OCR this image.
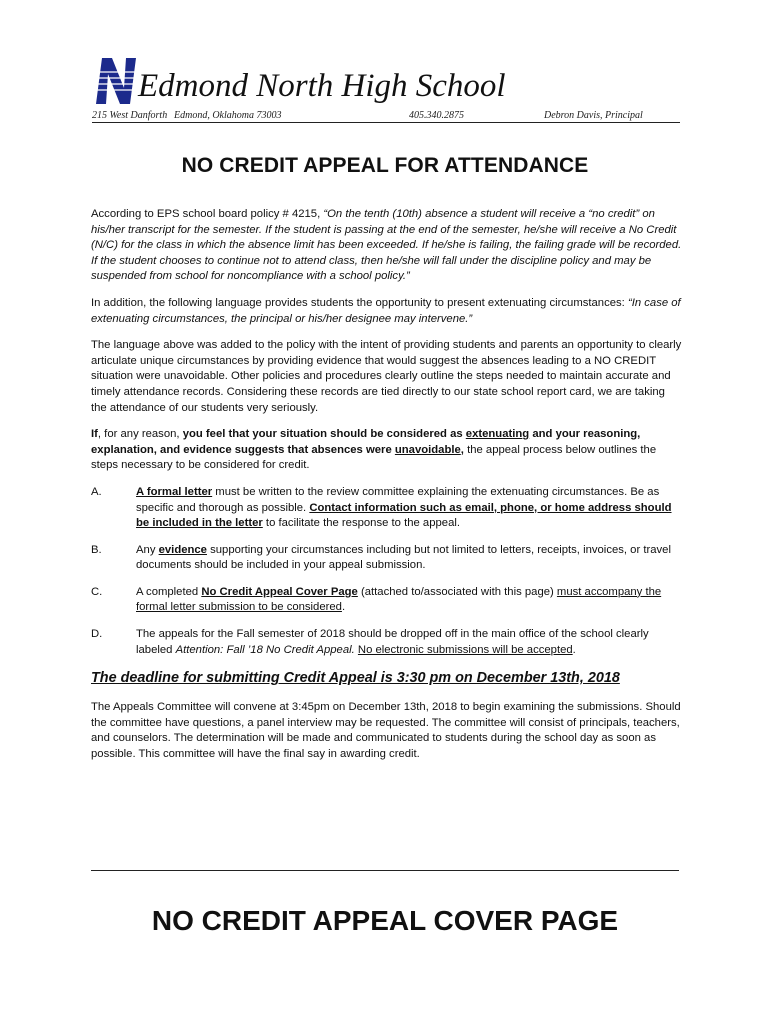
Edmond North High School
215 West Danforth Edmond, Oklahoma 73003	405.340.2875	Debron Davis, Principal
NO CREDIT APPEAL FOR ATTENDANCE

According to EPS school board policy # 4215, “On the tenth (10th) absence a student will receive a “no credit” on his/her transcript for the semester. If the student is passing at the end of the semester, he/she will receive a No Credit (N/C) for the class in which the absence limit has been exceeded. If he/she is failing, the failing grade will be recorded. If the student chooses to continue not to attend class, then he/she will fall under the discipline policy and may be suspended from school for noncompliance with a school policy.”

In addition, the following language provides students the opportunity to present extenuating circumstances: “In case of extenuating circumstances, the principal or his/her designee may intervene.”

The language above was added to the policy with the intent of providing students and parents an opportunity to clearly articulate unique circumstances by providing evidence that would suggest the absences leading to a NO CREDIT situation were unavoidable. Other policies and procedures clearly outline the steps needed to maintain accurate and timely attendance records. Considering these records are tied directly to our state school report card, we are taking the attendance of our students very seriously.

If, for any reason, you feel that your situation should be considered as extenuating and your reasoning, explanation, and evidence suggests that absences were unavoidable, the appeal process below outlines the steps necessary to be considered for credit.

A.	A formal letter must be written to the review committee explaining the extenuating circumstances. Be as specific and thorough as possible. Contact information such as email, phone, or home address should be included in the letter to facilitate the response to the appeal.
B.	Any evidence supporting your circumstances including but not limited to letters, receipts, invoices, or travel documents should be included in your appeal submission.
C.	A completed No Credit Appeal Cover Page (attached to/associated with this page) must accompany the formal letter submission to be considered.
D.	The appeals for the Fall semester of 2018 should be dropped off in the main office of the school clearly labeled Attention: Fall ’18 No Credit Appeal. No electronic submissions will be accepted.

The deadline for submitting Credit Appeal is 3:30 pm on December 13th, 2018

The Appeals Committee will convene at 3:45pm on December 13th, 2018 to begin examining the submissions. Should the committee have questions, a panel interview may be requested. The committee will consist of principals, teachers, and counselors. The determination will be made and communicated to students during the school day as soon as possible. This committee will have the final say in awarding credit.

NO CREDIT APPEAL COVER PAGE
